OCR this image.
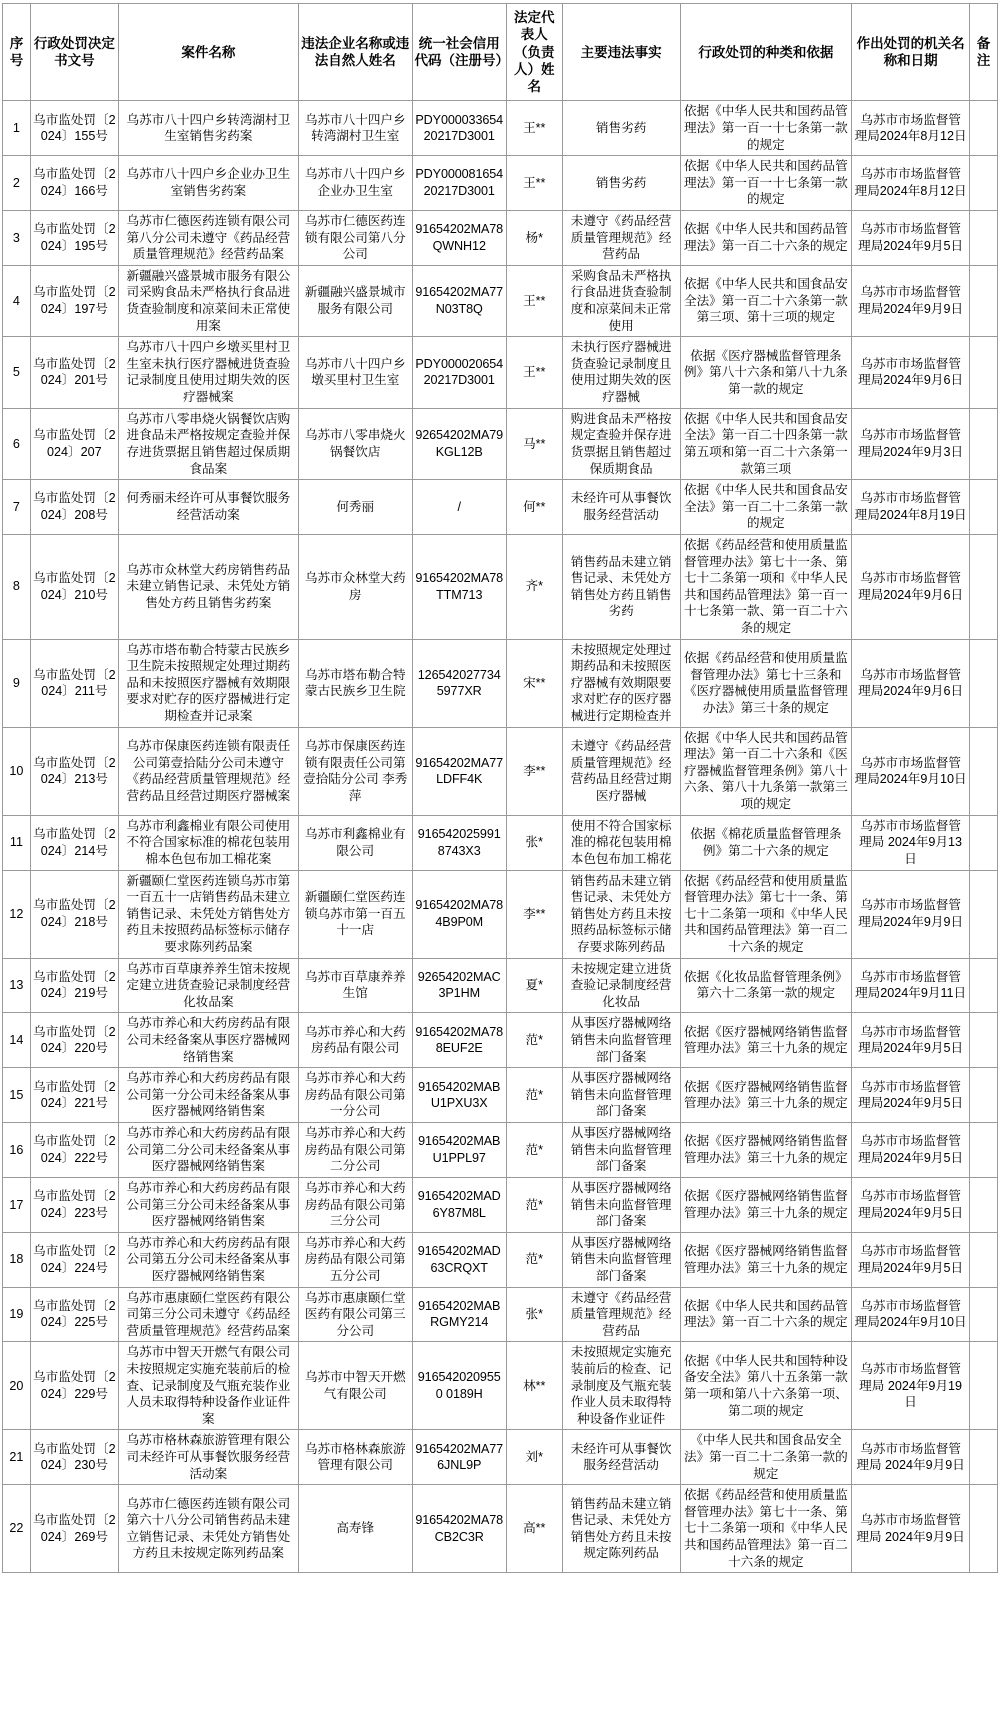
序号	行政处罚决定书文号	案件名称	违法企业名称或违法自然人姓名	统一社会信用代码（注册号）	法定代表人（负责人）姓名	主要违法事实	行政处罚的种类和依据	作出处罚的机关名称和日期	备注
1	乌市监处罚〔2024〕155号	乌苏市八十四户乡转湾湖村卫生室销售劣药案	乌苏市八十四户乡转湾湖村卫生室	PDY00003365420217D3001	王**	销售劣药	依据《中华人民共和国药品管理法》第一百一十七条第一款的规定	乌苏市市场监督管理局2024年8月12日	
2	乌市监处罚〔2024〕166号	乌苏市八十四户乡企业办卫生室销售劣药案	乌苏市八十四户乡企业办卫生室	PDY00008165420217D3001	王**	销售劣药	依据《中华人民共和国药品管理法》第一百一十七条第一款的规定	乌苏市市场监督管理局2024年8月12日	
3	乌市监处罚〔2024〕195号	乌苏市仁德医药连锁有限公司第八分公司未遵守《药品经营质量管理规范》经营药品案	乌苏市仁德医药连锁有限公司第八分公司	91654202MA78QWNH12	杨*	未遵守《药品经营质量管理规范》经营药品	依据《中华人民共和国药品管理法》第一百二十六条的规定	乌苏市市场监督管理局2024年9月5日	
4	乌市监处罚〔2024〕197号	新疆融兴盛景城市服务有限公司采购食品未严格执行食品进货查验制度和凉菜间未正常使用案	新疆融兴盛景城市服务有限公司	91654202MA77N03T8Q	王**	采购食品未严格执行食品进货查验制度和凉菜间未正常使用	依据《中华人民共和国食品安全法》第一百二十六条第一款第三项、第十三项的规定	乌苏市市场监督管理局2024年9月9日	
5	乌市监处罚〔2024〕201号	乌苏市八十四户乡墩买里村卫生室未执行医疗器械进货查验记录制度且使用过期失效的医疗器械案	乌苏市八十四户乡墩买里村卫生室	PDY00002065420217D3001	王**	未执行医疗器械进货查验记录制度且使用过期失效的医疗器械	依据《医疗器械监督管理条例》第八十六条和第八十九条第一款的规定	乌苏市市场监督管理局2024年9月6日	
6	乌市监处罚〔2024〕207	乌苏市八零串烧火锅餐饮店购进食品未严格按规定查验并保存进货票据且销售超过保质期食品案	乌苏市八零串烧火锅餐饮店	92654202MA79KGL12B	马**	购进食品未严格按规定查验并保存进货票据且销售超过保质期食品	依据《中华人民共和国食品安全法》第一百二十四条第一款第五项和第一百二十六条第一款第三项	乌苏市市场监督管理局2024年9月3日	
7	乌市监处罚〔2024〕208号	何秀丽未经许可从事餐饮服务经营活动案	何秀丽	/	何**	未经许可从事餐饮服务经营活动	依据《中华人民共和国食品安全法》第一百二十二条第一款的规定	乌苏市市场监督管理局2024年8月19日	
8	乌市监处罚〔2024〕210号	乌苏市众林堂大药房销售药品未建立销售记录、未凭处方销售处方药且销售劣药案	乌苏市众林堂大药房	91654202MA78TTM713	齐*	销售药品未建立销售记录、未凭处方销售处方药且销售劣药	依据《药品经营和使用质量监督管理办法》第七十一条、第七十二条第一项和《中华人民共和国药品管理法》第一百一十七条第一款、第一百二十六条的规定	乌苏市市场监督管理局2024年9月6日	
9	乌市监处罚〔2024〕211号	乌苏市塔布勒合特蒙古民族乡卫生院未按照规定处理过期药品和未按照医疗器械有效期限要求对贮存的医疗器械进行定期检查并记录案	乌苏市塔布勒合特蒙古民族乡卫生院	126542027734 5977XR	宋**	未按照规定处理过期药品和未按照医疗器械有效期限要求对贮存的医疗器械进行定期检查并	依据《药品经营和使用质量监督管理办法》第七十三条和《医疗器械使用质量监督管理办法》第三十条的规定	乌苏市市场监督管理局2024年9月6日	
10	乌市监处罚〔2024〕213号	乌苏市保康医药连锁有限责任公司第壹拾陆分公司未遵守《药品经营质量管理规范》经营药品且经营过期医疗器械案	乌苏市保康医药连锁有限责任公司第壹拾陆分公司 李秀萍	91654202MA77LDFF4K	李**	未遵守《药品经营质量管理规范》经营药品且经营过期医疗器械	依据《中华人民共和国药品管理法》第一百二十六条和《医疗器械监督管理条例》第八十六条、第八十九条第一款第三项的规定	乌苏市市场监督管理局2024年9月10日	
11	乌市监处罚〔2024〕214号	乌苏市利鑫棉业有限公司使用不符合国家标准的棉花包装用棉本色包布加工棉花案	乌苏市利鑫棉业有限公司	916542025991 8743X3	张*	使用不符合国家标准的棉花包装用棉本色包布加工棉花	依据《棉花质量监督管理条例》第二十六条的规定	乌苏市市场监督管理局 2024年9月13日	
12	乌市监处罚〔2024〕218号	新疆颐仁堂医药连锁乌苏市第一百五十一店销售药品未建立销售记录、未凭处方销售处方药且未按照药品标签标示储存要求陈列药品案	新疆颐仁堂医药连锁乌苏市第一百五十一店	91654202MA784B9P0M	李**	销售药品未建立销售记录、未凭处方销售处方药且未按照药品标签标示储存要求陈列药品	依据《药品经营和使用质量监督管理办法》第七十一条、第七十二条第一项和《中华人民共和国药品管理法》第一百二十六条的规定	乌苏市市场监督管理局2024年9月9日	
13	乌市监处罚〔2024〕219号	乌苏市百草康养养生馆未按规定建立进货查验记录制度经营化妆品案	乌苏市百草康养养生馆	92654202MAC3P1HM	夏*	未按规定建立进货查验记录制度经营化妆品	依据《化妆品监督管理条例》第六十二条第一款的规定	乌苏市市场监督管理局2024年9月11日	
14	乌市监处罚〔2024〕220号	乌苏市养心和大药房药品有限公司未经备案从事医疗器械网络销售案	乌苏市养心和大药房药品有限公司	91654202MA788EUF2E	范*	从事医疗器械网络销售未向监督管理部门备案	依据《医疗器械网络销售监督管理办法》第三十九条的规定	乌苏市市场监督管理局2024年9月5日	
15	乌市监处罚〔2024〕221号	乌苏市养心和大药房药品有限公司第一分公司未经备案从事医疗器械网络销售案	乌苏市养心和大药房药品有限公司第一分公司	91654202MABU1PXU3X	范*	从事医疗器械网络销售未向监督管理部门备案	依据《医疗器械网络销售监督管理办法》第三十九条的规定	乌苏市市场监督管理局2024年9月5日	
16	乌市监处罚〔2024〕222号	乌苏市养心和大药房药品有限公司第二分公司未经备案从事医疗器械网络销售案	乌苏市养心和大药房药品有限公司第二分公司	91654202MABU1PPL97	范*	从事医疗器械网络销售未向监督管理部门备案	依据《医疗器械网络销售监督管理办法》第三十九条的规定	乌苏市市场监督管理局2024年9月5日	
17	乌市监处罚〔2024〕223号	乌苏市养心和大药房药品有限公司第三分公司未经备案从事医疗器械网络销售案	乌苏市养心和大药房药品有限公司第三分公司	91654202MAD6Y87M8L	范*	从事医疗器械网络销售未向监督管理部门备案	依据《医疗器械网络销售监督管理办法》第三十九条的规定	乌苏市市场监督管理局2024年9月5日	
18	乌市监处罚〔2024〕224号	乌苏市养心和大药房药品有限公司第五分公司未经备案从事医疗器械网络销售案	乌苏市养心和大药房药品有限公司第五分公司	91654202MAD63CRQXT	范*	从事医疗器械网络销售未向监督管理部门备案	依据《医疗器械网络销售监督管理办法》第三十九条的规定	乌苏市市场监督管理局2024年9月5日	
19	乌市监处罚〔2024〕225号	乌苏市惠康颐仁堂医药有限公司第三分公司未遵守《药品经营质量管理规范》经营药品案	乌苏市惠康颐仁堂医药有限公司第三分公司	91654202MABRGMY214	张*	未遵守《药品经营质量管理规范》经营药品	依据《中华人民共和国药品管理法》第一百二十六条的规定	乌苏市市场监督管理局2024年9月10日	
20	乌市监处罚〔2024〕229号	乌苏市中智天开燃气有限公司未按照规定实施充装前后的检查、记录制度及气瓶充装作业人员未取得特种设备作业证件案	乌苏市中智天开燃气有限公司	9165420209550 0189H	林**	未按照规定实施充装前后的检查、记录制度及气瓶充装作业人员未取得特种设备作业证件	依据《中华人民共和国特种设备安全法》第八十五条第一款第一项和第八十六条第一项、第二项的规定	乌苏市市场监督管理局 2024年9月19日	
21	乌市监处罚〔2024〕230号	乌苏市格林森旅游管理有限公司未经许可从事餐饮服务经营活动案	乌苏市格林森旅游管理有限公司	91654202MA776JNL9P	刘*	未经许可从事餐饮服务经营活动	《中华人民共和国食品安全法》第一百二十二条第一款的规定	乌苏市市场监督管理局 2024年9月9日	
22	乌市监处罚〔2024〕269号	乌苏市仁德医药连锁有限公司第六十八分公司销售药品未建立销售记录、未凭处方销售处方药且未按规定陈列药品案	高寿锋	91654202MA78CB2C3R	高**	销售药品未建立销售记录、未凭处方销售处方药且未按规定陈列药品	依据《药品经营和使用质量监督管理办法》第七十一条、第七十二条第一项和《中华人民共和国药品管理法》第一百二十六条的规定	乌苏市市场监督管理局 2024年9月9日	
